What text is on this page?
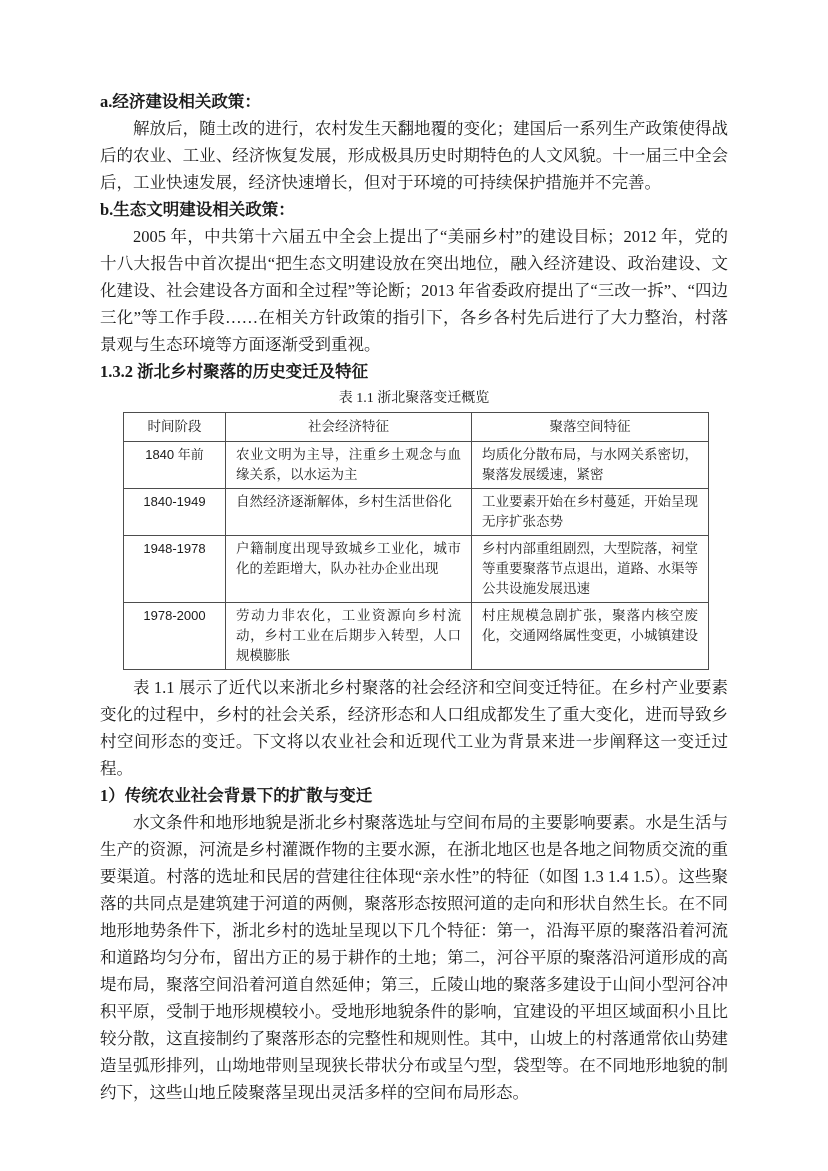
a.经济建设相关政策：

解放后，随土改的进行，农村发生天翻地覆的变化；建国后一系列生产政策使得战后的农业、工业、经济恢复发展，形成极具历史时期特色的人文风貌。十一届三中全会后，工业快速发展，经济快速增长，但对于环境的可持续保护措施并不完善。

b.生态文明建设相关政策：

2005 年，中共第十六届五中全会上提出了“美丽乡村”的建设目标；2012 年，党的十八大报告中首次提出“把生态文明建设放在突出地位，融入经济建设、政治建设、文化建设、社会建设各方面和全过程”等论断；2013 年省委政府提出了“三改一拆”、“四边三化”等工作手段……在相关方针政策的指引下，各乡各村先后进行了大力整治，村落景观与生态环境等方面逐渐受到重视。

1.3.2 浙北乡村聚落的历史变迁及特征
表 1.1 浙北聚落变迁概览
时间阶段	社会经济特征	聚落空间特征
1840 年前	农业文明为主导，注重乡土观念与血缘关系，以水运为主	均质化分散布局，与水网关系密切，聚落发展缓速，紧密
1840-1949	自然经济逐渐解体，乡村生活世俗化	工业要素开始在乡村蔓延，开始呈现无序扩张态势
1948-1978	户籍制度出现导致城乡工业化，城市化的差距增大，队办社办企业出现	乡村内部重组剧烈，大型院落，祠堂等重要聚落节点退出，道路、水渠等公共设施发展迅速
1978-2000	劳动力非农化，工业资源向乡村流动，乡村工业在后期步入转型，人口规模膨胀	村庄规模急剧扩张，聚落内核空废化，交通网络属性变更，小城镇建设

表 1.1 展示了近代以来浙北乡村聚落的社会经济和空间变迁特征。在乡村产业要素变化的过程中，乡村的社会关系，经济形态和人口组成都发生了重大变化，进而导致乡村空间形态的变迁。下文将以农业社会和近现代工业为背景来进一步阐释这一变迁过程。

1）传统农业社会背景下的扩散与变迁

水文条件和地形地貌是浙北乡村聚落选址与空间布局的主要影响要素。水是生活与生产的资源，河流是乡村灌溉作物的主要水源，在浙北地区也是各地之间物质交流的重要渠道。村落的选址和民居的营建往往体现“亲水性”的特征（如图 1.3 1.4 1.5）。这些聚落的共同点是建筑建于河道的两侧，聚落形态按照河道的走向和形状自然生长。在不同地形地势条件下，浙北乡村的选址呈现以下几个特征：第一，沿海平原的聚落沿着河流和道路均匀分布，留出方正的易于耕作的土地；第二，河谷平原的聚落沿河道形成的高堤布局，聚落空间沿着河道自然延伸；第三，丘陵山地的聚落多建设于山间小型河谷冲积平原，受制于地形规模较小。受地形地貌条件的影响，宜建设的平坦区域面积小且比较分散，这直接制约了聚落形态的完整性和规则性。其中，山坡上的村落通常依山势建造呈弧形排列，山坳地带则呈现狭长带状分布或呈勺型，袋型等。在不同地形地貌的制约下，这些山地丘陵聚落呈现出灵活多样的空间布局形态。
